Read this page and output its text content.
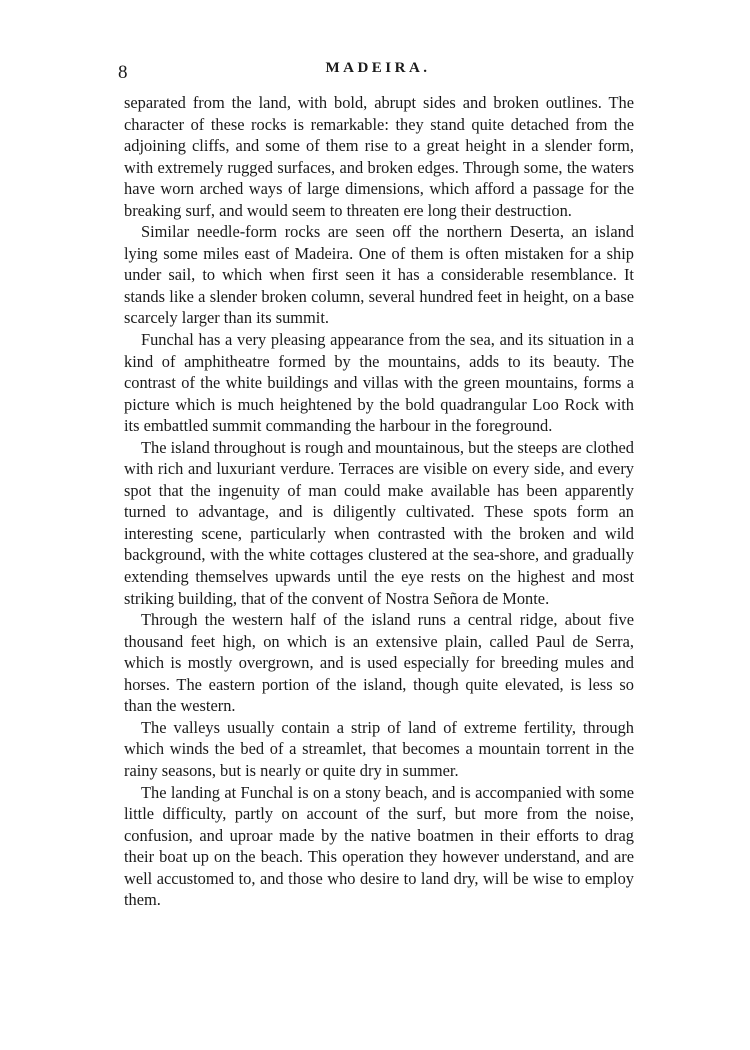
8	MADEIRA.

separated from the land, with bold, abrupt sides and broken outlines. The character of these rocks is remarkable: they stand quite detached from the adjoining cliffs, and some of them rise to a great height in a slender form, with extremely rugged surfaces, and broken edges. Through some, the waters have worn arched ways of large dimensions, which afford a passage for the breaking surf, and would seem to threaten ere long their destruction.

Similar needle-form rocks are seen off the northern Deserta, an island lying some miles east of Madeira. One of them is often mistaken for a ship under sail, to which when first seen it has a considerable resemblance. It stands like a slender broken column, several hundred feet in height, on a base scarcely larger than its summit.

Funchal has a very pleasing appearance from the sea, and its situation in a kind of amphitheatre formed by the mountains, adds to its beauty. The contrast of the white buildings and villas with the green mountains, forms a picture which is much heightened by the bold quadrangular Loo Rock with its embattled summit commanding the harbour in the foreground.

The island throughout is rough and mountainous, but the steeps are clothed with rich and luxuriant verdure. Terraces are visible on every side, and every spot that the ingenuity of man could make available has been apparently turned to advantage, and is diligently cultivated. These spots form an interesting scene, particularly when contrasted with the broken and wild background, with the white cottages clustered at the sea-shore, and gradually extending themselves upwards until the eye rests on the highest and most striking building, that of the convent of Nostra Señora de Monte.

Through the western half of the island runs a central ridge, about five thousand feet high, on which is an extensive plain, called Paul de Serra, which is mostly overgrown, and is used especially for breeding mules and horses. The eastern portion of the island, though quite elevated, is less so than the western.

The valleys usually contain a strip of land of extreme fertility, through which winds the bed of a streamlet, that becomes a mountain torrent in the rainy seasons, but is nearly or quite dry in summer.

The landing at Funchal is on a stony beach, and is accompanied with some little difficulty, partly on account of the surf, but more from the noise, confusion, and uproar made by the native boatmen in their efforts to drag their boat up on the beach. This operation they however understand, and are well accustomed to, and those who desire to land dry, will be wise to employ them.
